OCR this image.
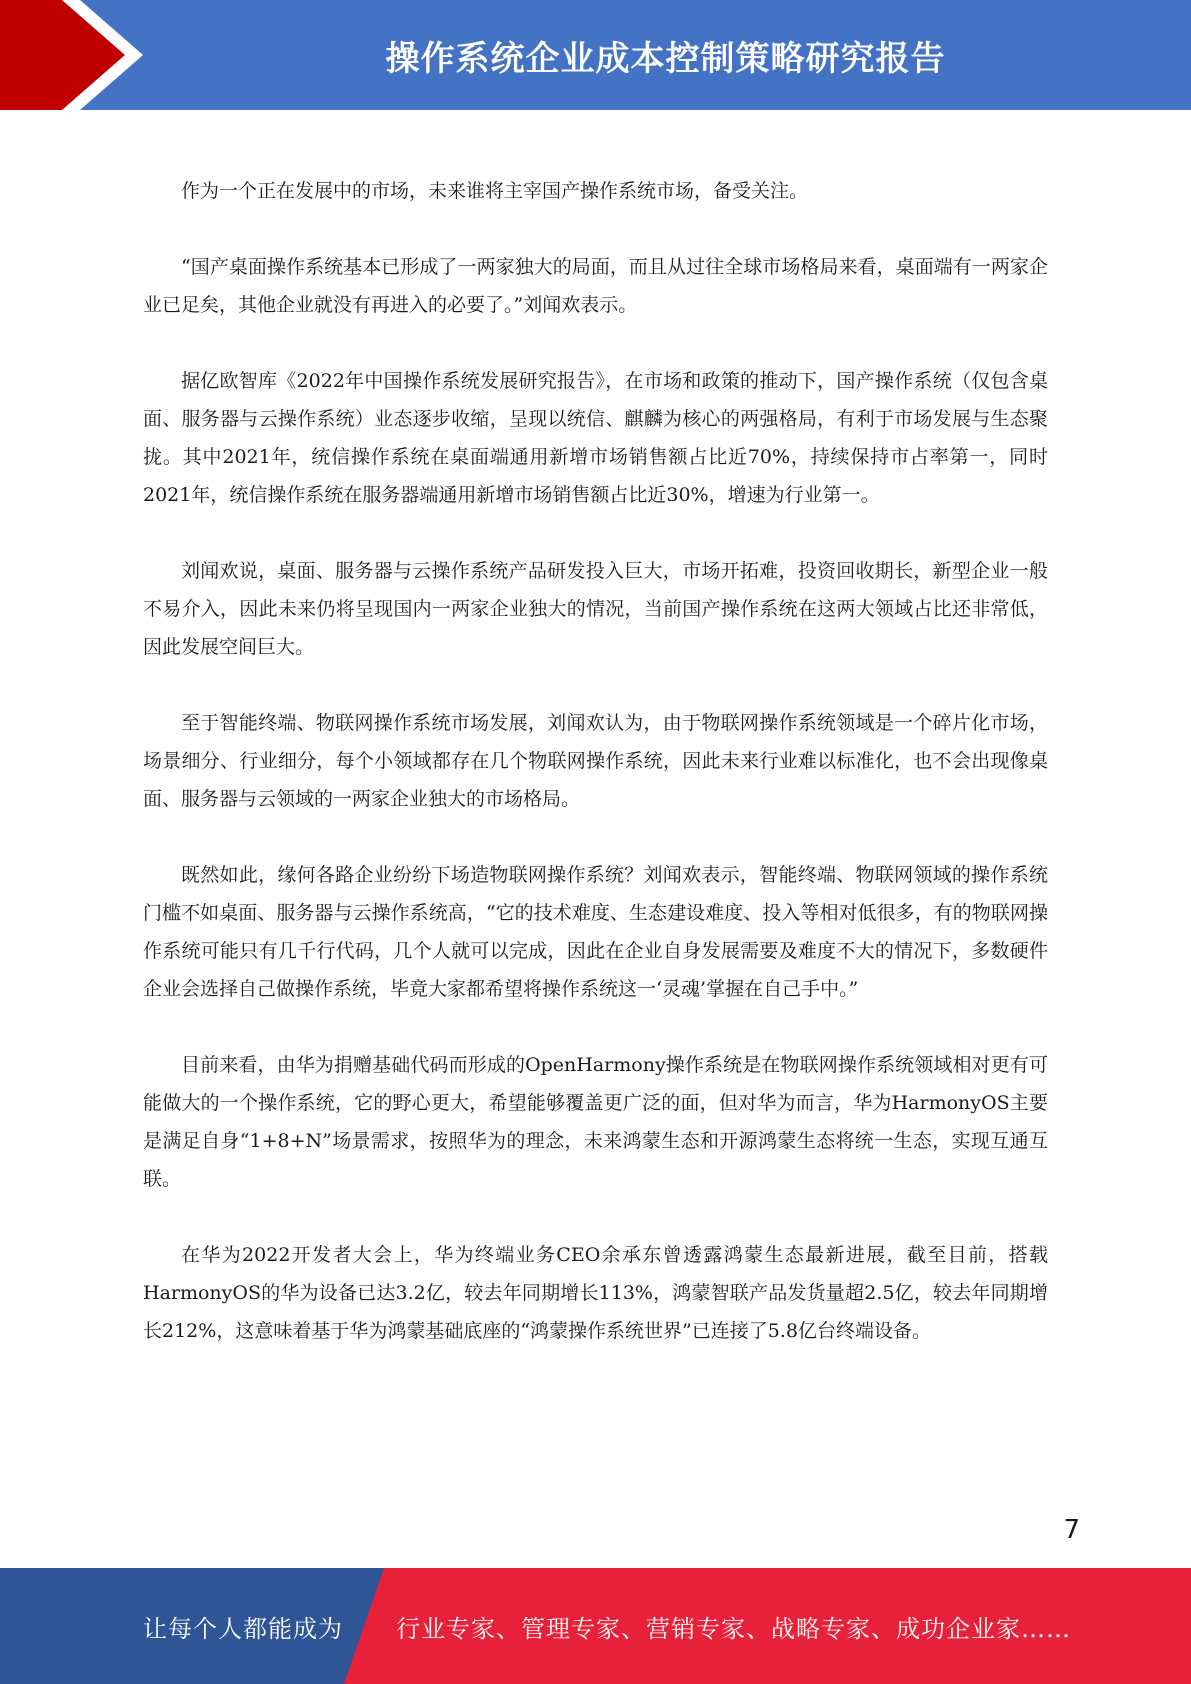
操作系统企业成本控制策略研究报告

作为一个正在发展中的市场，未来谁将主宰国产操作系统市场，备受关注。

“国产桌面操作系统基本已形成了一两家独大的局面，而且从过往全球市场格局来看，桌面端有一两家企业已足矣，其他企业就没有再进入的必要了。”刘闻欢表示。

据亿欧智库《2022年中国操作系统发展研究报告》，在市场和政策的推动下，国产操作系统（仅包含桌面、服务器与云操作系统）业态逐步收缩，呈现以统信、麒麟为核心的两强格局，有利于市场发展与生态聚拢。其中2021年，统信操作系统在桌面端通用新增市场销售额占比近70%，持续保持市占率第一，同时2021年，统信操作系统在服务器端通用新增市场销售额占比近30%，增速为行业第一。

刘闻欢说，桌面、服务器与云操作系统产品研发投入巨大，市场开拓难，投资回收期长，新型企业一般不易介入，因此未来仍将呈现国内一两家企业独大的情况，当前国产操作系统在这两大领域占比还非常低，因此发展空间巨大。

至于智能终端、物联网操作系统市场发展，刘闻欢认为，由于物联网操作系统领域是一个碎片化市场，场景细分、行业细分，每个小领域都存在几个物联网操作系统，因此未来行业难以标准化，也不会出现像桌面、服务器与云领域的一两家企业独大的市场格局。

既然如此，缘何各路企业纷纷下场造物联网操作系统？刘闻欢表示，智能终端、物联网领域的操作系统门槛不如桌面、服务器与云操作系统高，“它的技术难度、生态建设难度、投入等相对低很多，有的物联网操作系统可能只有几千行代码，几个人就可以完成，因此在企业自身发展需要及难度不大的情况下，多数硬件企业会选择自己做操作系统，毕竟大家都希望将操作系统这一‘灵魂’掌握在自己手中。”

目前来看，由华为捐赠基础代码而形成的OpenHarmony操作系统是在物联网操作系统领域相对更有可能做大的一个操作系统，它的野心更大，希望能够覆盖更广泛的面，但对华为而言，华为HarmonyOS主要是满足自身“1+8+N”场景需求，按照华为的理念，未来鸿蒙生态和开源鸿蒙生态将统一生态，实现互通互联。

在华为2022开发者大会上，华为终端业务CEO余承东曾透露鸿蒙生态最新进展，截至目前，搭载HarmonyOS的华为设备已达3.2亿，较去年同期增长113%，鸿蒙智联产品发货量超2.5亿，较去年同期增长212%，这意味着基于华为鸿蒙基础底座的“鸿蒙操作系统世界”已连接了5.8亿台终端设备。

7
让每个人都能成为 行业专家、管理专家、营销专家、战略专家、成功企业家……
